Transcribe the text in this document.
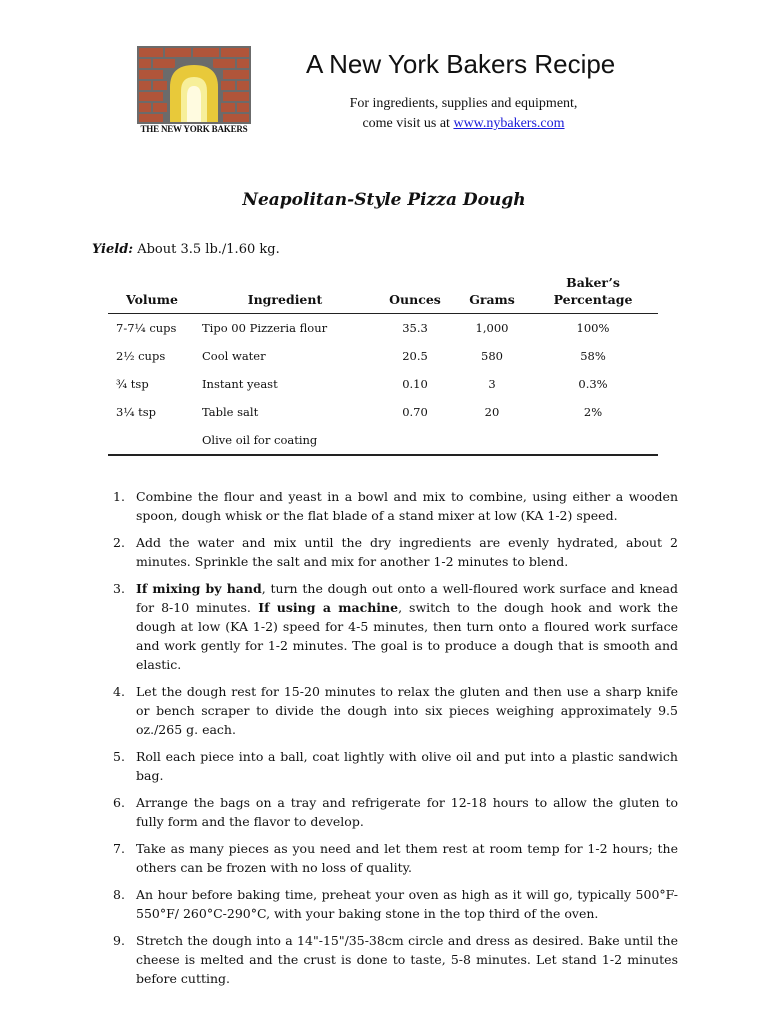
THE NEW YORK BAKERS
A New York Bakers Recipe
For ingredients, supplies and equipment,
come visit us at www.nybakers.com
Neapolitan-Style Pizza Dough
Yield: About 3.5 lb./1.60 kg.
Volume	Ingredient	Ounces	Grams	Baker’s
Percentage

7-7¼ cups	Tipo 00 Pizzeria flour	35.3	1,000	100%
2½ cups	Cool water	20.5	580	58%
¾ tsp	Instant yeast	0.10	3	0.3%
3¼ tsp	Table salt	0.70	20	2%
	Olive oil for coating			
1. Combine the flour and yeast in a bowl and mix to combine, using either a wooden spoon, dough whisk or the flat blade of a stand mixer at low (KA 1-2) speed.
2. Add the water and mix until the dry ingredients are evenly hydrated, about 2 minutes. Sprinkle the salt and mix for another 1-2 minutes to blend.
3. If mixing by hand, turn the dough out onto a well-floured work surface and knead for 8-10 minutes. If using a machine, switch to the dough hook and work the dough at low (KA 1-2) speed for 4-5 minutes, then turn onto a floured work surface and work gently for 1-2 minutes. The goal is to produce a dough that is smooth and elastic.
4. Let the dough rest for 15-20 minutes to relax the gluten and then use a sharp knife or bench scraper to divide the dough into six pieces weighing approximately 9.5 oz./265 g. each.
5. Roll each piece into a ball, coat lightly with olive oil and put into a plastic sandwich bag.
6. Arrange the bags on a tray and refrigerate for 12-18 hours to allow the gluten to fully form and the flavor to develop.
7. Take as many pieces as you need and let them rest at room temp for 1-2 hours; the others can be frozen with no loss of quality.
8. An hour before baking time, preheat your oven as high as it will go, typically 500°F-550°F/ 260°C-290°C, with your baking stone in the top third of the oven.
9. Stretch the dough into a 14"-15"/35-38cm circle and dress as desired. Bake until the cheese is melted and the crust is done to taste, 5-8 minutes. Let stand 1-2 minutes before cutting.
